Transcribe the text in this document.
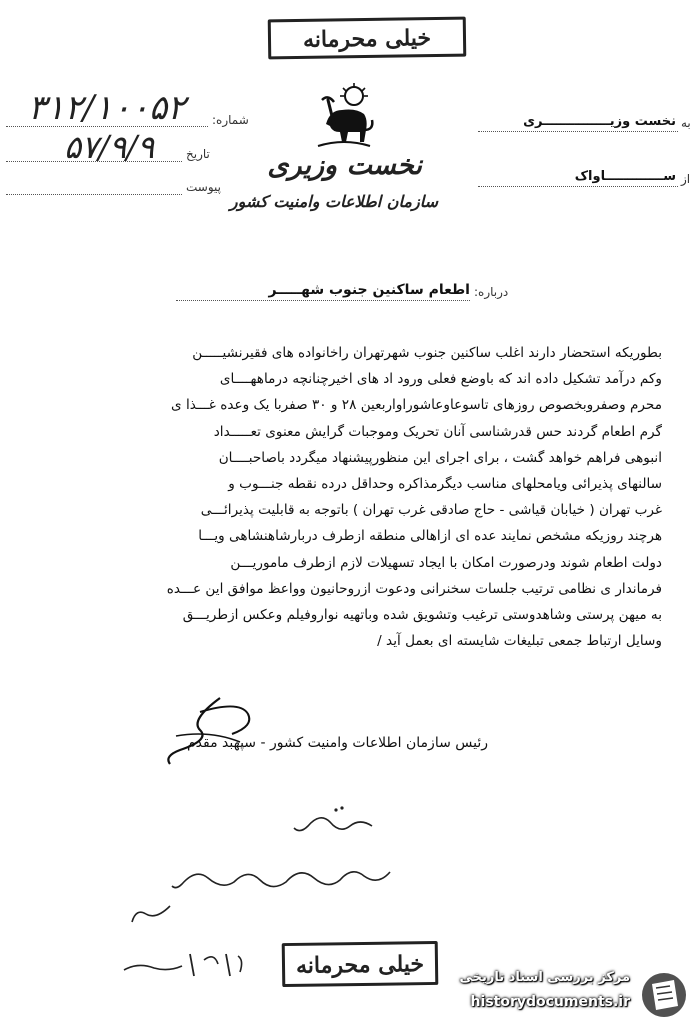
خیلی محرمانه
نخست وزیری
سازمان اطلاعات وامنیت کشور
شماره:
۳۱۲/۱۰۰۵۲
تاریخ
۵۷/۹/۹
پیوست
به
نخست وزیـــــــــــــــری
از
ســـــــــــــاواک
درباره:
اطعام ساکنین جنوب شهـــــر

بطوریکه استحضار دارند اغلب ساکنین جنوب شهرتهران راخانواده های فقیرنشیـــــن

وکم درآمد تشکیل داده اند که باوضع فعلی ورود اد های اخیرچنانچه درماههــــای

محرم وصفروبخصوص روزهای تاسوعاوعاشوراواربعین ۲۸ و ۳۰ صفربا یک وعده غـــذا ی

گرم اطعام گردند حس قدرشناسی آنان تحریک وموجبات گرایش معنوی تعـــــداد

انبوهی فراهم خواهد گشت ، برای اجرای این منظورپیشنهاد میگردد باصاحبــــان

سالنهای پذیرائی ویامحلهای مناسب دیگرمذاکره وحداقل درده نقطه جنـــوب و

غرب تهران ( خیابان قیاشی - حاج صادقی غرب تهران ) باتوجه به قابلیت پذیرائـــی

هرچند روزیکه مشخص نمایند عده ای ازاهالی منطقه ازطرف دربارشاهنشاهی ویـــا

دولت اطعام شوند ودرصورت امکان با ایجاد تسهیلات لازم ازطرف ماموریـــن

فرماندار ی نظامی ترتیب جلسات سخنرانی ودعوت ازروحانیون وواعظ موافق این عـــده

به میهن پرستی وشاهدوستی ترغیب وتشویق شده وباتهیه نواروفیلم وعکس ازطریـــق

وسایل ارتباط جمعی تبلیغات شایسته ای بعمل آید /

رئیس سازمان اطلاعات وامنیت کشور - سپهبد مقدم
خیلی محرمانه	مرکز بررسی اسناد تاریخی
historydocuments.ir
